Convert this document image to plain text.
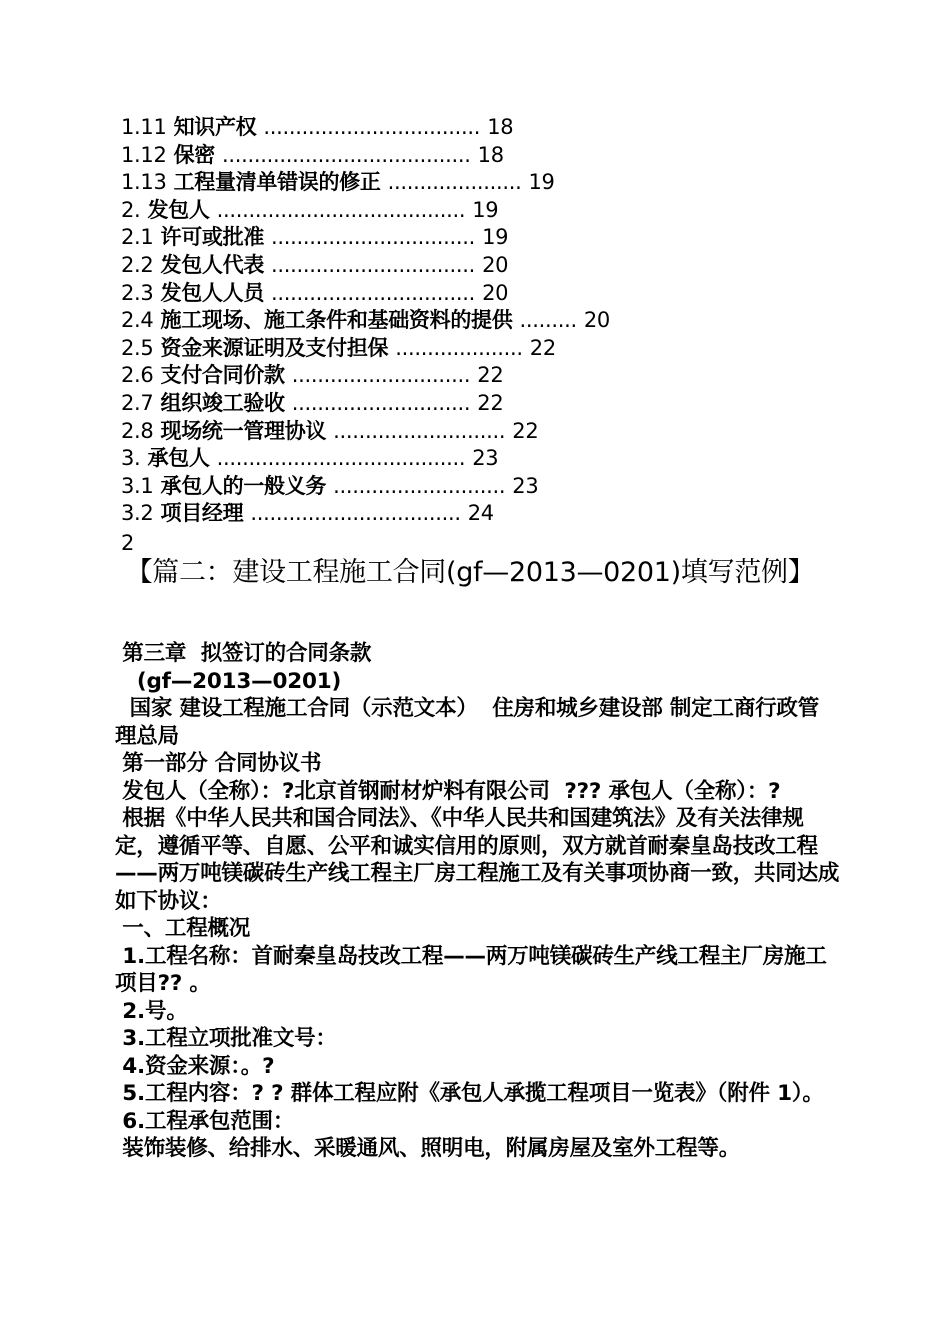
1.11 知识产权 .................................. 18
1.12 保密 ....................................... 18
1.13 工程量清单错误的修正 ..................... 19
2. 发包人 ....................................... 19
2.1 许可或批准 ................................ 19
2.2 发包人代表 ................................ 20
2.3 发包人人员 ................................ 20
2.4 施工现场、施工条件和基础资料的提供 ......... 20
2.5 资金来源证明及支付担保 .................... 22
2.6 支付合同价款 ............................ 22
2.7 组织竣工验收 ............................ 22
2.8 现场统一管理协议 ........................... 22
3. 承包人 ....................................... 23
3.1 承包人的一般义务 ........................... 23
3.2 项目经理 ................................. 24
2
【篇二：建设工程施工合同(gf—2013—0201)填写范例】

第三章  拟签订的合同条款

(gf—2013—0201)

国家 建设工程施工合同（示范文本）  住房和城乡建设部 制定工商行政管理总局

第一部分 合同协议书

发包人（全称）：?北京首钢耐材炉料有限公司  ??? 承包人（全称）：?

根据《中华人民共和国合同法》、《中华人民共和国建筑法》及有关法律规定，遵循平等、自愿、公平和诚实信用的原则，双方就首耐秦皇岛技改工程——两万吨镁碳砖生产线工程主厂房工程施工及有关事项协商一致，共同达成如下协议：

一、工程概况

1.工程名称：首耐秦皇岛技改工程——两万吨镁碳砖生产线工程主厂房施工项目?? 。

2.号。

3.工程立项批准文号：

4.资金来源：。?

5.工程内容：? ? 群体工程应附《承包人承揽工程项目一览表》（附件 1）。

6.工程承包范围：

装饰装修、给排水、采暖通风、照明电，附属房屋及室外工程等。
